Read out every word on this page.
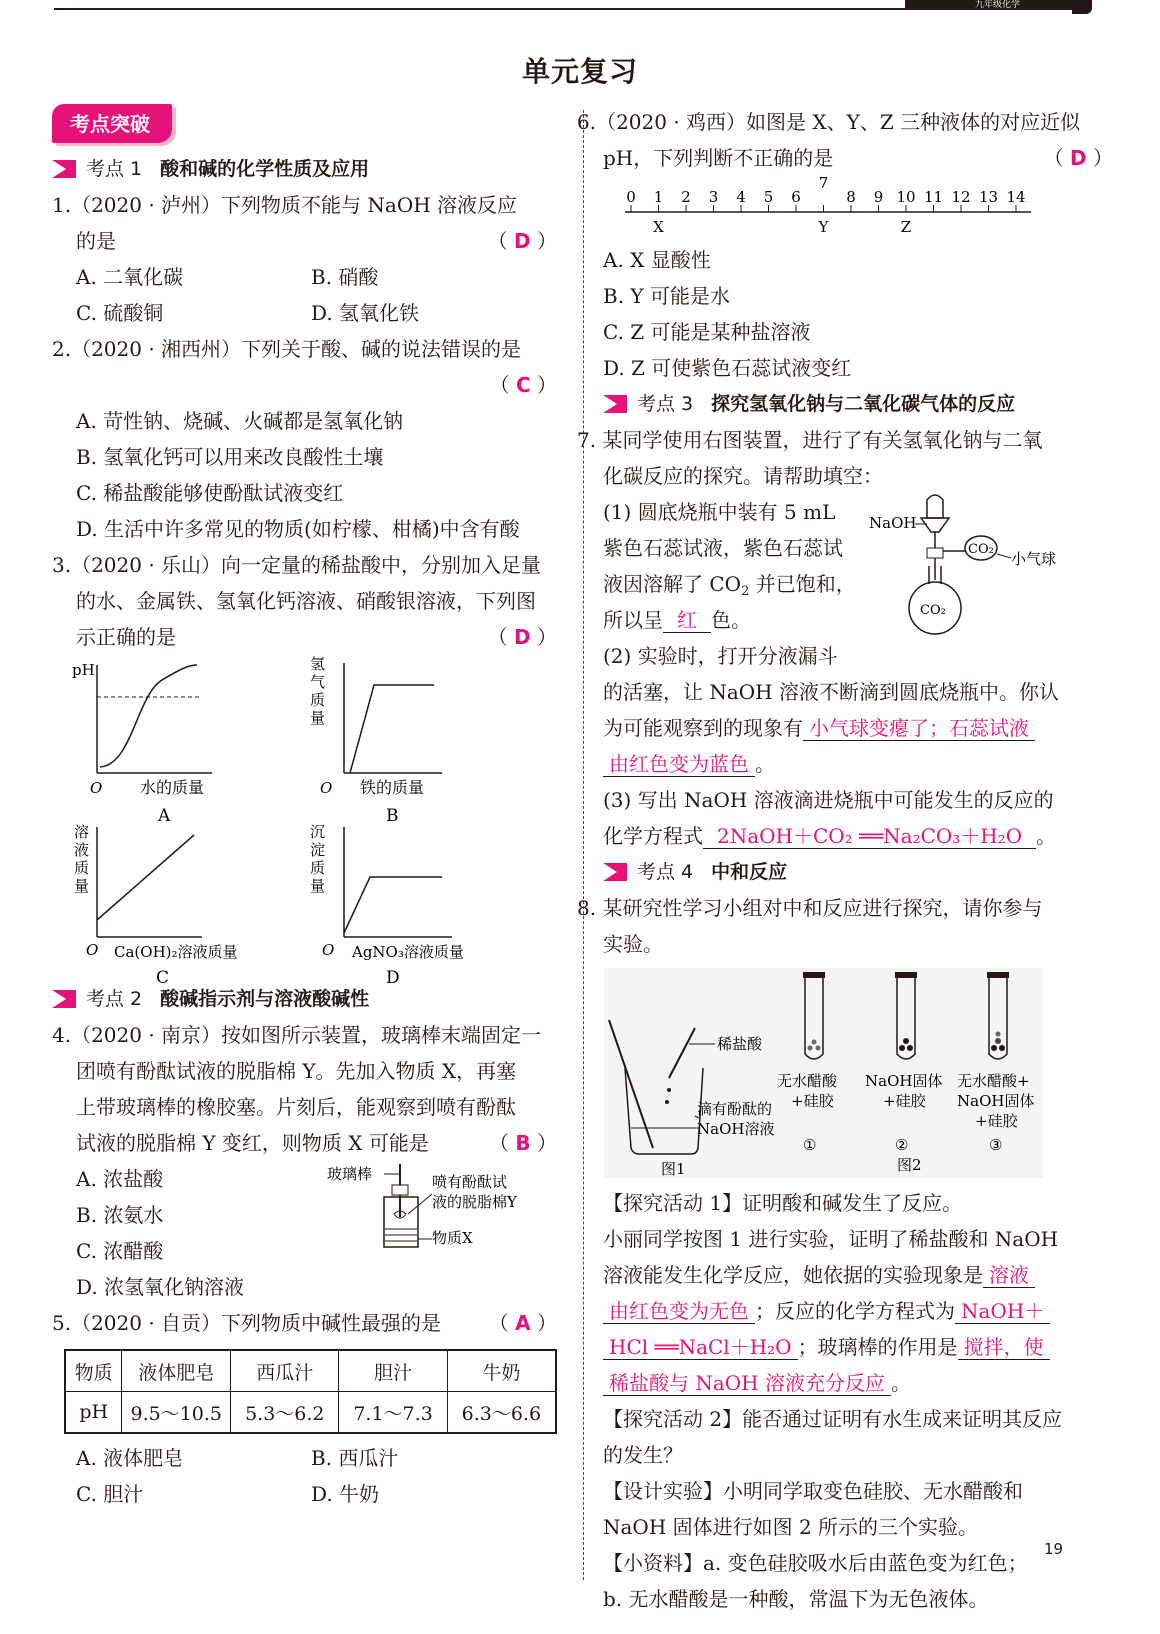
九年级化学
单元复习
考点突破
考点 1 酸和碱的化学性质及应用
1.（2020 · 泸州）下列物质不能与 NaOH 溶液反应
的是	（ D ）
A. 二氧化碳	B. 硝酸
C. 硫酸铜	D. 氢氧化铁
2.（2020 · 湘西州）下列关于酸、碱的说法错误的是
（ C ）
A. 苛性钠、烧碱、火碱都是氢氧化钠
B. 氢氧化钙可以用来改良酸性土壤
C. 稀盐酸能够使酚酞试液变红
D. 生活中许多常见的物质(如柠檬、柑橘)中含有酸
3.（2020 · 乐山）向一定量的稀盐酸中，分别加入足量
的水、金属铁、氢氧化钙溶液、硝酸银溶液，下列图
示正确的是	（ D ）
pH
O 水的质量
A
氢气质量
O 铁的质量
B
溶液质量
O Ca(OH)₂溶液质量
C
沉淀质量
O AgNO₃溶液质量
D
考点 2 酸碱指示剂与溶液酸碱性
4.（2020 · 南京）按如图所示装置，玻璃棒末端固定一
团喷有酚酞试液的脱脂棉 Y。先加入物质 X，再塞
上带玻璃棒的橡胶塞。片刻后，能观察到喷有酚酞
试液的脱脂棉 Y 变红，则物质 X 可能是	（ B ）
A. 浓盐酸
B. 浓氨水
C. 浓醋酸
D. 浓氢氧化钠溶液
玻璃棒	喷有酚酞试
液的脱脂棉Y
物质X
5.（2020 · 自贡）下列物质中碱性最强的是 （ A ）
物质	液体肥皂	西瓜汁	胆汁	牛奶
pH	9.5～10.5	5.3～6.2	7.1～7.3	6.3～6.6
A. 液体肥皂	B. 西瓜汁
C. 胆汁	D. 牛奶
6.（2020 · 鸡西）如图是 X、Y、Z 三种液体的对应近似
pH，下列判断不正确的是	（ D ）
0 1 2 3 4 5 6
7
8 9 10 11 12 13 14
X	Y	Z
A. X 显酸性
B. Y 可能是水
C. Z 可能是某种盐溶液
D. Z 可使紫色石蕊试液变红
考点 3 探究氢氧化钠与二氧化碳气体的反应
7. 某同学使用右图装置，进行了有关氢氧化钠与二氧
化碳反应的探究。请帮助填空：
(1) 圆底烧瓶中装有 5 mL
紫色石蕊试液，紫色石蕊试
液因溶解了 $CO_2$ 并已饱和，
所以呈 红 色。
(2) 实验时，打开分液漏斗
NaOH
CO₂
小气球
CO₂
的活塞，让 NaOH 溶液不断滴到圆底烧瓶中。你认
为可能观察到的现象有 小气球变瘪了；石蕊试液
由红色变为蓝色 。
(3) 写出 NaOH 溶液滴进烧瓶中可能发生的反应的
化学方程式 2NaOH＋CO₂ ══Na₂CO₃＋H₂O 。
考点 4 中和反应
8. 某研究性学习小组对中和反应进行探究，请你参与
实验。
稀盐酸
滴有酚酞的
NaOH溶液
图1
无水醋酸
+硅胶
①
NaOH固体
+硅胶
②
图2
无水醋酸+
NaOH固体
+硅胶
③
【探究活动 1】证明酸和碱发生了反应。
小丽同学按图 1 进行实验，证明了稀盐酸和 NaOH
溶液能发生化学反应，她依据的实验现象是 溶液
由红色变为无色 ；反应的化学方程式为 NaOH＋
HCl ══NaCl＋H₂O ；玻璃棒的作用是 搅拌，使
稀盐酸与 NaOH 溶液充分反应 。
【探究活动 2】能否通过证明有水生成来证明其反应
的发生？
【设计实验】小明同学取变色硅胶、无水醋酸和
NaOH 固体进行如图 2 所示的三个实验。
【小资料】a. 变色硅胶吸水后由蓝色变为红色；
b. 无水醋酸是一种酸，常温下为无色液体。
19
